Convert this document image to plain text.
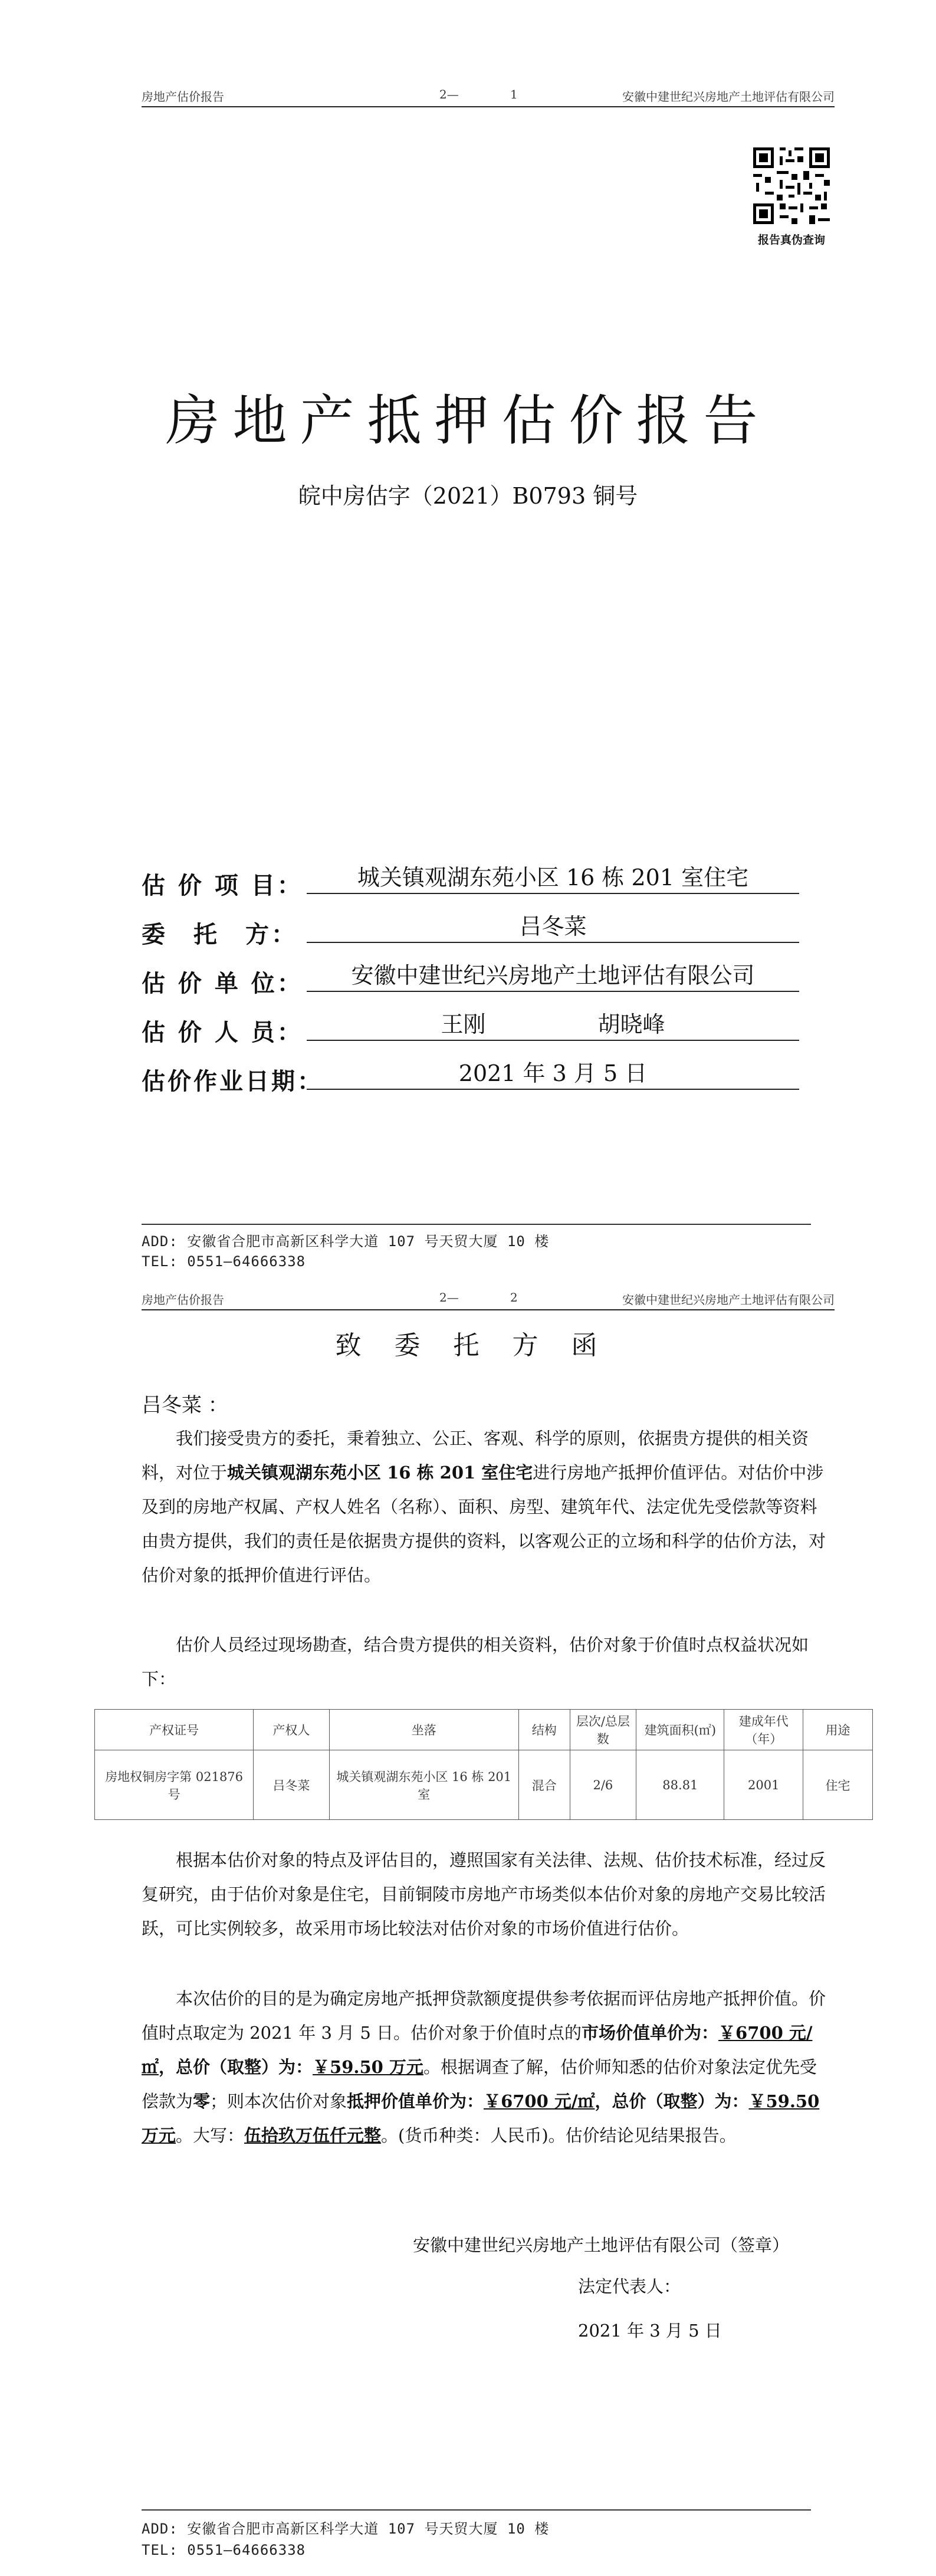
房地产估价报告	2—	1	安徽中建世纪兴房地产土地评估有限公司
报告真伪查询
房地产抵押估价报告
皖中房估字（2021）B0793 铜号
估 价 项 目：	城关镇观湖东苑小区 16 栋 201 室住宅
委　托　方：	吕冬菜
估 价 单 位：	安徽中建世纪兴房地产土地评估有限公司
估 价 人 员：	王刚　　　　　胡晓峰
估价作业日期：	2021 年 3 月 5 日
ADD: 安徽省合肥市高新区科学大道 107 号天贸大厦 10 楼
TEL: 0551—64666338
房地产估价报告	2—	2	安徽中建世纪兴房地产土地评估有限公司
致　委　托　方　函
吕冬菜 ：
我们接受贵方的委托，秉着独立、公正、客观、科学的原则，依据贵方提供的相关资料，对位于城关镇观湖东苑小区 16 栋 201 室住宅进行房地产抵押价值评估。对估价中涉及到的房地产权属、产权人姓名（名称）、面积、房型、建筑年代、法定优先受偿款等资料由贵方提供，我们的责任是依据贵方提供的资料，以客观公正的立场和科学的估价方法，对估价对象的抵押价值进行评估。
估价人员经过现场勘查，结合贵方提供的相关资料，估价对象于价值时点权益状况如下：
产权证号	产权人	坐落	结构	层次/总层数	建筑面积(㎡)	建成年代（年）	用途
房地权铜房字第 021876 号	吕冬菜	城关镇观湖东苑小区 16 栋 201 室	混合	2/6	88.81	2001	住宅
根据本估价对象的特点及评估目的，遵照国家有关法律、法规、估价技术标准，经过反复研究，由于估价对象是住宅，目前铜陵市房地产市场类似本估价对象的房地产交易比较活跃，可比实例较多，故采用市场比较法对估价对象的市场价值进行估价。
本次估价的目的是为确定房地产抵押贷款额度提供参考依据而评估房地产抵押价值。价值时点取定为 2021 年 3 月 5 日。估价对象于价值时点的市场价值单价为：￥6700 元/㎡，总价（取整）为：￥59.50 万元。根据调查了解，估价师知悉的估价对象法定优先受偿款为零；则本次估价对象抵押价值单价为：￥6700 元/㎡，总价（取整）为：￥59.50 万元。大写：伍拾玖万伍仟元整。(货币种类：人民币)。估价结论见结果报告。
安徽中建世纪兴房地产土地评估有限公司（签章）
法定代表人：
2021 年 3 月 5 日
ADD: 安徽省合肥市高新区科学大道 107 号天贸大厦 10 楼
TEL: 0551—64666338
